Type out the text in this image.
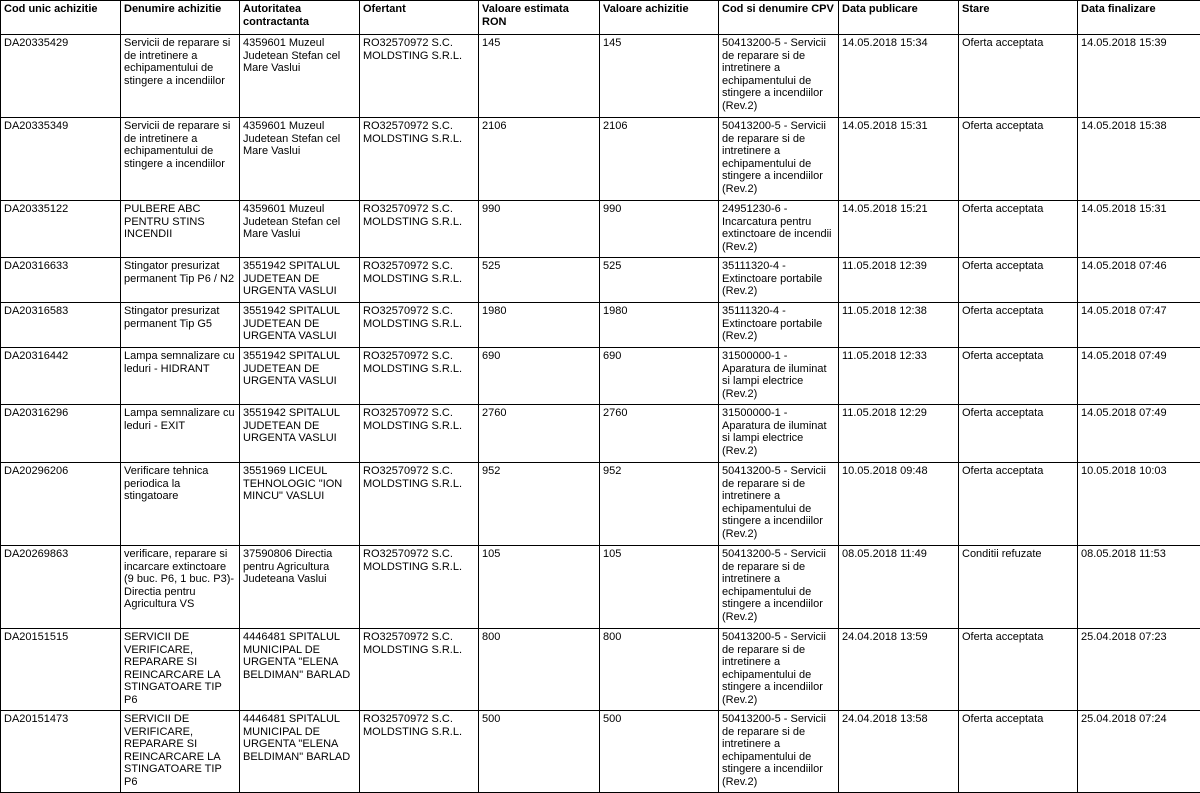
Cod unic achizitie	Denumire achizitie	Autoritatea contractanta	Ofertant	Valoare estimata RON	Valoare achizitie	Cod si denumire CPV	Data publicare	Stare	Data finalizare
DA20335429	Servicii de reparare si de intretinere a echipamentului de stingere a incendiilor	4359601 Muzeul Judetean Stefan cel Mare Vaslui	RO32570972 S.C. MOLDSTING S.R.L.	145	145	50413200-5 - Servicii de reparare si de intretinere a echipamentului de stingere a incendiilor (Rev.2)	14.05.2018 15:34	Oferta acceptata	14.05.2018 15:39
DA20335349	Servicii de reparare si de intretinere a echipamentului de stingere a incendiilor	4359601 Muzeul Judetean Stefan cel Mare Vaslui	RO32570972 S.C. MOLDSTING S.R.L.	2106	2106	50413200-5 - Servicii de reparare si de intretinere a echipamentului de stingere a incendiilor (Rev.2)	14.05.2018 15:31	Oferta acceptata	14.05.2018 15:38
DA20335122	PULBERE ABC PENTRU STINS INCENDII	4359601 Muzeul Judetean Stefan cel Mare Vaslui	RO32570972 S.C. MOLDSTING S.R.L.	990	990	24951230-6 - Incarcatura pentru extinctoare de incendii (Rev.2)	14.05.2018 15:21	Oferta acceptata	14.05.2018 15:31
DA20316633	Stingator presurizat permanent Tip P6 / N2	3551942 SPITALUL JUDETEAN DE URGENTA VASLUI	RO32570972 S.C. MOLDSTING S.R.L.	525	525	35111320-4 - Extinctoare portabile (Rev.2)	11.05.2018 12:39	Oferta acceptata	14.05.2018 07:46
DA20316583	Stingator presurizat permanent Tip G5	3551942 SPITALUL JUDETEAN DE URGENTA VASLUI	RO32570972 S.C. MOLDSTING S.R.L.	1980	1980	35111320-4 - Extinctoare portabile (Rev.2)	11.05.2018 12:38	Oferta acceptata	14.05.2018 07:47
DA20316442	Lampa semnalizare cu leduri - HIDRANT	3551942 SPITALUL JUDETEAN DE URGENTA VASLUI	RO32570972 S.C. MOLDSTING S.R.L.	690	690	31500000-1 - Aparatura de iluminat si lampi electrice (Rev.2)	11.05.2018 12:33	Oferta acceptata	14.05.2018 07:49
DA20316296	Lampa semnalizare cu leduri - EXIT	3551942 SPITALUL JUDETEAN DE URGENTA VASLUI	RO32570972 S.C. MOLDSTING S.R.L.	2760	2760	31500000-1 - Aparatura de iluminat si lampi electrice (Rev.2)	11.05.2018 12:29	Oferta acceptata	14.05.2018 07:49
DA20296206	Verificare tehnica periodica la stingatoare	3551969 LICEUL TEHNOLOGIC "ION MINCU" VASLUI	RO32570972 S.C. MOLDSTING S.R.L.	952	952	50413200-5 - Servicii de reparare si de intretinere a echipamentului de stingere a incendiilor (Rev.2)	10.05.2018 09:48	Oferta acceptata	10.05.2018 10:03
DA20269863	verificare, reparare si incarcare extinctoare (9 buc. P6, 1 buc. P3)-Directia pentru Agricultura VS	37590806 Directia pentru Agricultura Judeteana Vaslui	RO32570972 S.C. MOLDSTING S.R.L.	105	105	50413200-5 - Servicii de reparare si de intretinere a echipamentului de stingere a incendiilor (Rev.2)	08.05.2018 11:49	Conditii refuzate	08.05.2018 11:53
DA20151515	SERVICII DE VERIFICARE, REPARARE SI REINCARCARE LA STINGATOARE TIP P6	4446481 SPITALUL MUNICIPAL DE URGENTA "ELENA BELDIMAN" BARLAD	RO32570972 S.C. MOLDSTING S.R.L.	800	800	50413200-5 - Servicii de reparare si de intretinere a echipamentului de stingere a incendiilor (Rev.2)	24.04.2018 13:59	Oferta acceptata	25.04.2018 07:23
DA20151473	SERVICII DE VERIFICARE, REPARARE SI REINCARCARE LA STINGATOARE TIP P6	4446481 SPITALUL MUNICIPAL DE URGENTA "ELENA BELDIMAN" BARLAD	RO32570972 S.C. MOLDSTING S.R.L.	500	500	50413200-5 - Servicii de reparare si de intretinere a echipamentului de stingere a incendiilor (Rev.2)	24.04.2018 13:58	Oferta acceptata	25.04.2018 07:24
